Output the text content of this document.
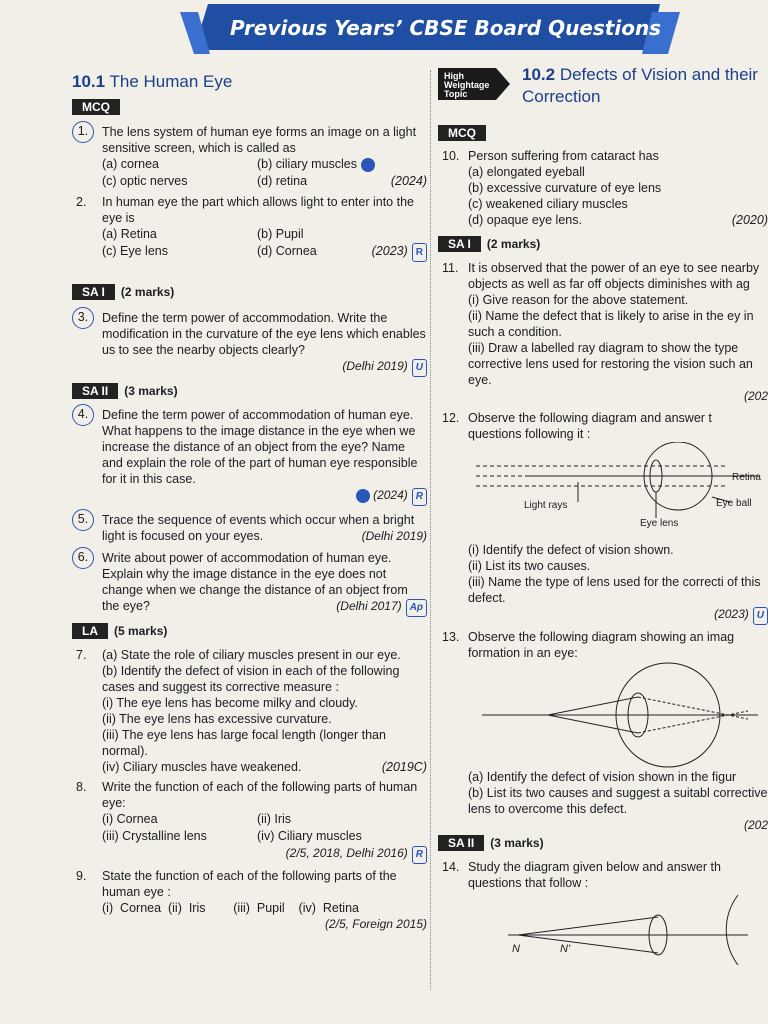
Previous Years’ CBSE Board Questions
10.1 The Human Eye
MCQ
1.	The lens system of human eye forms an image on a light sensitive screen, which is called as
(a) cornea	(b) ciliary muscles
(c) optic nerves	(d) retina	(2024)
2. In human eye the part which allows light to enter into the eye is
(a) Retina	(b) Pupil
(c) Eye lens	(d) Cornea	(2023) R
SA I	(2 marks)
3.	Define the term power of accommodation. Write the modification in the curvature of the eye lens which enables us to see the nearby objects clearly?
(Delhi 2019) U
SA II	(3 marks)
4.	Define the term power of accommodation of human eye. What happens to the image distance in the eye when we increase the distance of an object from the eye? Name and explain the role of the part of human eye responsible for it in this case.
(2024) R
5.	Trace the sequence of events which occur when a bright light is focused on your eyes.	(Delhi 2019)
6.	Write about power of accommodation of human eye. Explain why the image distance in the eye does not change when we change the distance of an object from the eye?	(Delhi 2017) Ap
LA	(5 marks)
7. (a) State the role of ciliary muscles present in our eye.
(b) Identify the defect of vision in each of the following cases and suggest its corrective measure :
(i) The eye lens has become milky and cloudy.
(ii) The eye lens has excessive curvature.
(iii) The eye lens has large focal length (longer than normal).
(iv) Ciliary muscles have weakened.	(2019C)
8. Write the function of each of the following parts of human eye:
(i) Cornea	(ii) Iris
(iii) Crystalline lens	(iv) Ciliary muscles
(2/5, 2018, Delhi 2016) R
9. State the function of each of the following parts of the human eye :
(i)  Cornea  (ii)  Iris        (iii)  Pupil    (iv)  Retina
(2/5, Foreign 2015)
High Weightage Topic
10.2 Defects of Vision and their Correction
MCQ
10. Person suffering from cataract has
(a) elongated eyeball
(b) excessive curvature of eye lens
(c) weakened ciliary muscles
(d) opaque eye lens.	(2020)
SA I	(2 marks)
11. It is observed that the power of an eye to see nearby objects as well as far off objects diminishes with ag
(i) Give reason for the above statement.
(ii) Name the defect that is likely to arise in the ey in such a condition.
(iii) Draw a labelled ray diagram to show the type corrective lens used for restoring the vision such an eye.
(202
12. Observe the following diagram and answer t questions following it :
Retina
Eye ball
Light rays
Eye lens
(i) Identify the defect of vision shown.
(ii) List its two causes.
(iii) Name the type of lens used for the correcti of this defect.
(2023) U
13. Observe the following diagram showing an imag formation in an eye:
(a) Identify the defect of vision shown in the figur
(b) List its two causes and suggest a suitabl corrective lens to overcome this defect.
(202
SA II	(3 marks)
14. Study the diagram given below and answer th questions that follow :
N	N'
